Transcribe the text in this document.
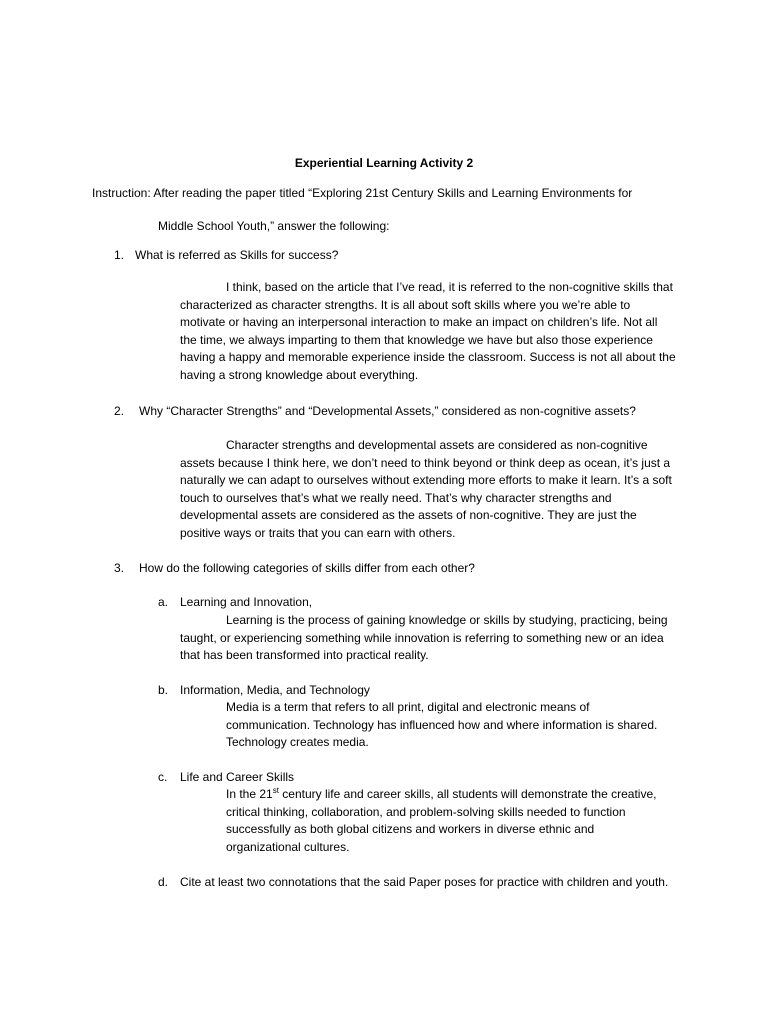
Experiential Learning Activity 2
Instruction: After reading the paper titled “Exploring 21st Century Skills and Learning Environments for
Middle School Youth,” answer the following:
1. What is referred as Skills for success?
I think, based on the article that I’ve read, it is referred to the non-cognitive skills that characterized as character strengths. It is all about soft skills where you we’re able to motivate or having an interpersonal interaction to make an impact on children’s life. Not all the time, we always imparting to them that knowledge we have but also those experience having a happy and memorable experience inside the classroom. Success is not all about the having a strong knowledge about everything.
2. Why “Character Strengths” and “Developmental Assets,” considered as non-cognitive assets?
Character strengths and developmental assets are considered as non-cognitive assets because I think here, we don’t need to think beyond or think deep as ocean, it’s just a naturally we can adapt to ourselves without extending more efforts to make it learn. It’s a soft touch to ourselves that’s what we really need. That’s why character strengths and developmental assets are considered as the assets of non-cognitive. They are just the positive ways or traits that you can earn with others.
3. How do the following categories of skills differ from each other?
a. Learning and Innovation,
Learning is the process of gaining knowledge or skills by studying, practicing, being taught, or experiencing something while innovation is referring to something new or an idea that has been transformed into practical reality.
b. Information, Media, and Technology
Media is a term that refers to all print, digital and electronic means of communication. Technology has influenced how and where information is shared. Technology creates media.
c. Life and Career Skills
In the 21st century life and career skills, all students will demonstrate the creative, critical thinking, collaboration, and problem-solving skills needed to function successfully as both global citizens and workers in diverse ethnic and organizational cultures.
d. Cite at least two connotations that the said Paper poses for practice with children and youth.
